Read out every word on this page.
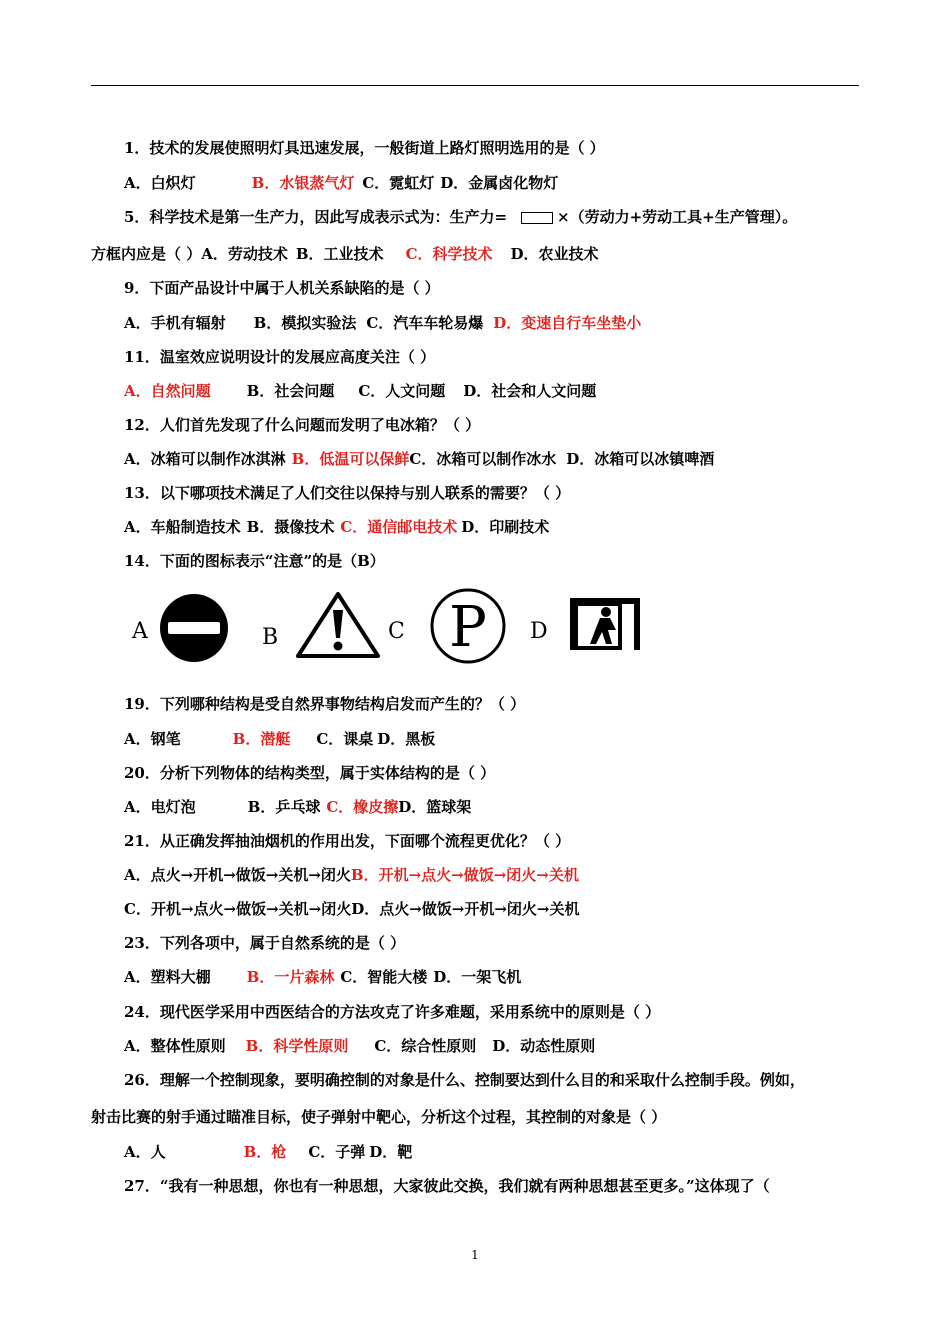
1．技术的发展使照明灯具迅速发展，一般街道上路灯照明选用的是（ ）
A．白炽灯	B．水银蒸气灯 C．霓虹灯 D．金属卤化物灯
5．科学技术是第一生产力，因此写成表示式为：生产力=	×（劳动力+劳动工具+生产管理）。
方框内应是（ ）A．劳动技术 B．工业技术 C．科学技术 D．农业技术
9．下面产品设计中属于人机关系缺陷的是（ ）
A．手机有辐射 B．模拟实验法 C．汽车车轮易爆 D．变速自行车坐垫小
11．温室效应说明设计的发展应高度关注（ ）
A．自然问题 B．社会问题 C．人文问题 D．社会和人文问题
12．人们首先发现了什么问题而发明了电冰箱？（ ）
A．冰箱可以制作冰淇淋 B．低温可以保鲜C．冰箱可以制作冰水 D．冰箱可以冰镇啤酒
13．以下哪项技术满足了人们交往以保持与别人联系的需要？（ ）
A．车船制造技术 B．摄像技术 C．通信邮电技术 D．印刷技术
14．下面的图标表示“注意”的是（B）
A	B	C P D
19．下列哪种结构是受自然界事物结构启发而产生的？（ ）
A．钢笔	B．潜艇 C．课桌 D．黑板
20．分析下列物体的结构类型，属于实体结构的是（ ）
A．电灯泡	B．乒乓球 C．橡皮擦D．篮球架
21．从正确发挥抽油烟机的作用出发，下面哪个流程更优化？（ ）
A．点火→开机→做饭→关机→闭火B．开机→点火→做饭→闭火→关机
C．开机→点火→做饭→关机→闭火D．点火→做饭→开机→闭火→关机
23．下列各项中，属于自然系统的是（ ）
A．塑料大棚 B．一片森林 C．智能大楼 D．一架飞机
24．现代医学采用中西医结合的方法攻克了许多难题，采用系统中的原则是（ ）
A．整体性原则 B．科学性原则 C．综合性原则 D．动态性原则
26．理解一个控制现象，要明确控制的对象是什么、控制要达到什么目的和采取什么控制手段。例如，
射击比赛的射手通过瞄准目标，使子弹射中靶心，分析这个过程，其控制的对象是（ ）
A．人	B．枪 C．子弹 D．靶
27．“我有一种思想，你也有一种思想，大家彼此交换，我们就有两种思想甚至更多。”这体现了（
1
